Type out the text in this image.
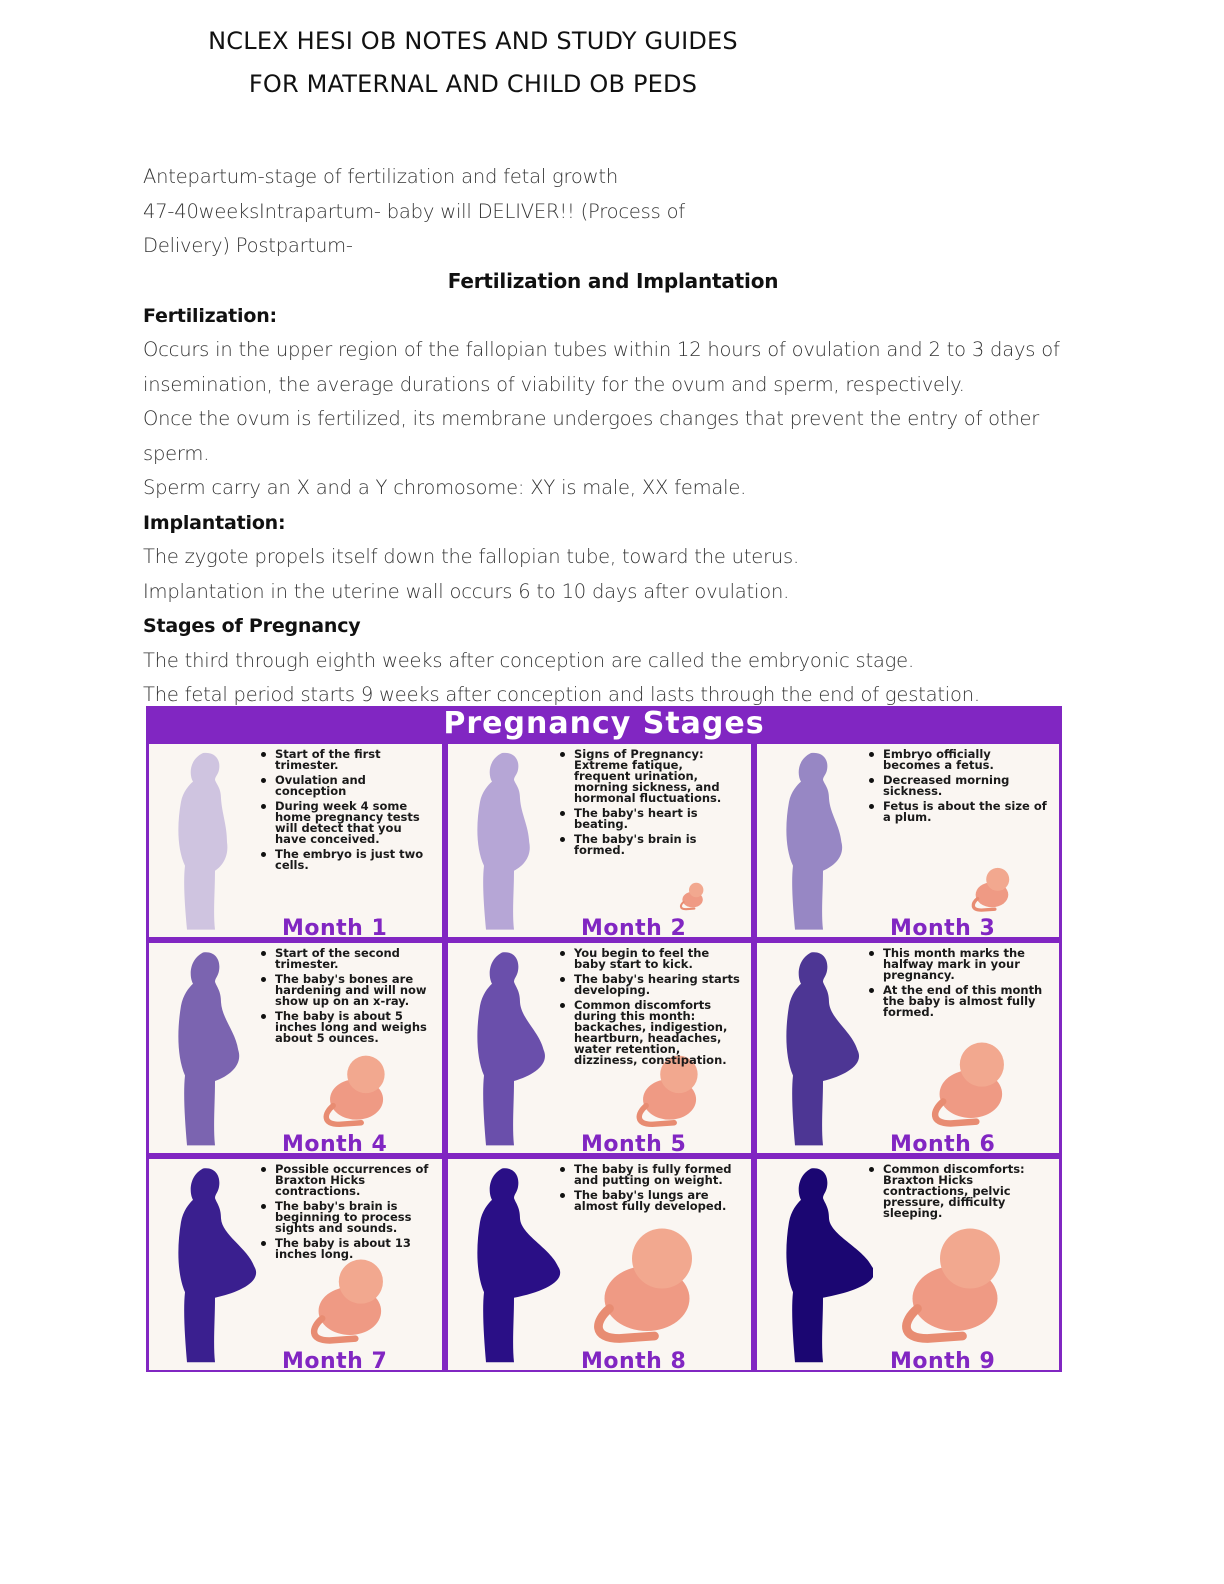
NCLEX HESI OB NOTES AND STUDY GUIDES
FOR MATERNAL AND CHILD OB PEDS

Antepartum-stage of fertilization and fetal growth

47-40weeksIntrapartum- baby will DELIVER!! (Process of

Delivery) Postpartum-

Fertilization and Implantation

Fertilization:

Occurs in the upper region of the fallopian tubes within 12 hours of ovulation and 2 to 3 days of insemination, the average durations of viability for the ovum and sperm, respectively.

Once the ovum is fertilized, its membrane undergoes changes that prevent the entry of other sperm.

Sperm carry an X and a Y chromosome: XY is male, XX female.

Implantation:

The zygote propels itself down the fallopian tube, toward the uterus.

Implantation in the uterine wall occurs 6 to 10 days after ovulation.

Stages of Pregnancy

The third through eighth weeks after conception are called the embryonic stage.

The fetal period starts 9 weeks after conception and lasts through the end of gestation.

Pregnancy Stages
Start of the first trimester.
Ovulation and conception
During week 4 some home pregnancy tests will detect that you have conceived.
The embryo is just two cells.
Month 1
Signs of Pregnancy: Extreme fatique, frequent urination, morning sickness, and hormonal fluctuations.
The baby's heart is beating.
The baby's brain is formed.
Month 2
Embryo officially becomes a fetus.
Decreased morning sickness.
Fetus is about the size of a plum.
Month 3
Start of the second trimester.
The baby's bones are hardening and will now show up on an x-ray.
The baby is about 5 inches long and weighs about 5 ounces.
Month 4
You begin to feel the baby start to kick.
The baby's hearing starts developing.
Common discomforts during this month: backaches, indigestion, heartburn, headaches, water retention, dizziness, constipation.
Month 5
This month marks the halfway mark in your pregnancy.
At the end of this month the baby is almost fully formed.
Month 6
Possible occurrences of Braxton Hicks contractions.
The baby's brain is beginning to process sights and sounds.
The baby is about 13 inches long.
Month 7
The baby is fully formed and putting on weight.
The baby's lungs are almost fully developed.
Month 8
Common discomforts: Braxton Hicks contractions, pelvic pressure, difficulty sleeping.
Month 9
